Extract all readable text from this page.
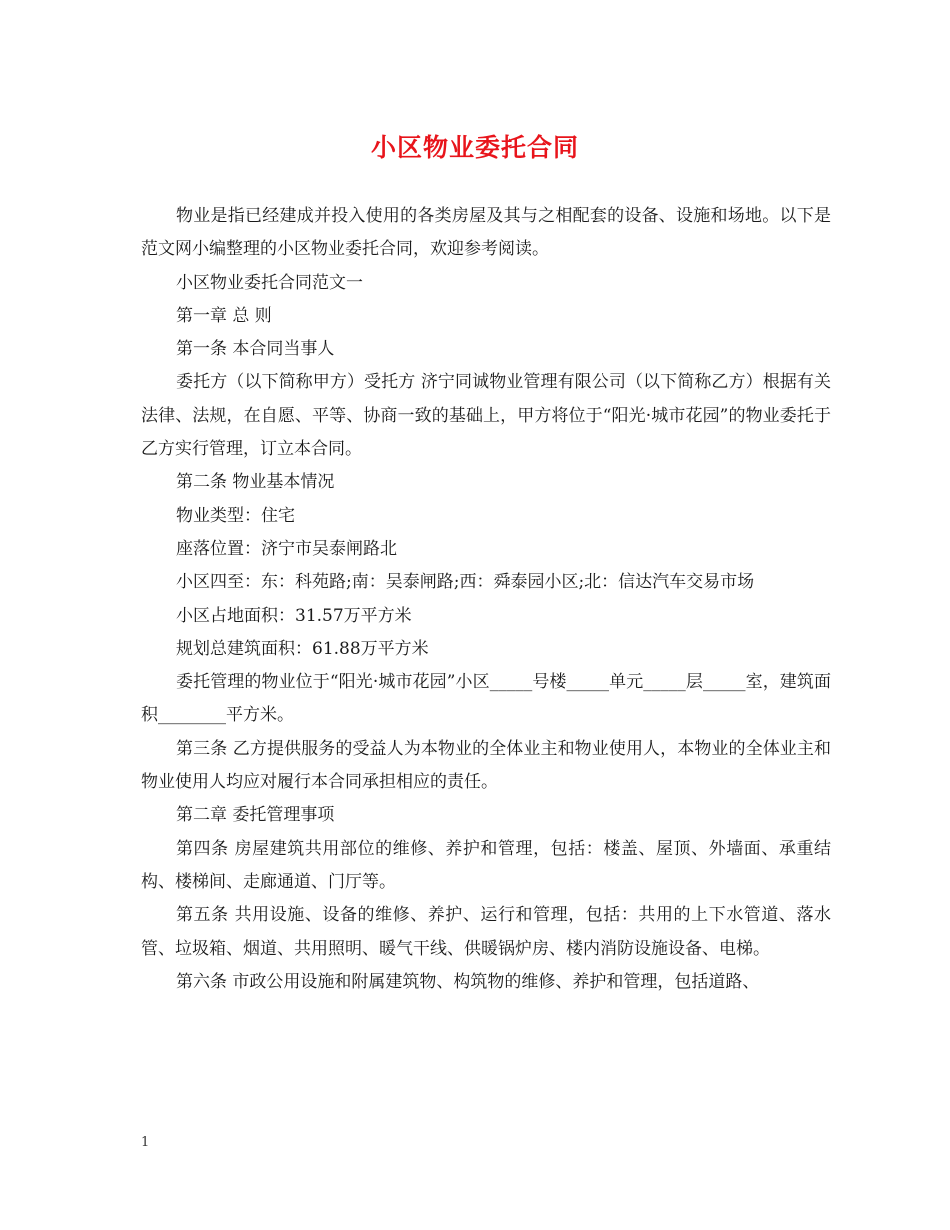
小区物业委托合同

物业是指已经建成并投入使用的各类房屋及其与之相配套的设备、设施和场地。以下是范文网小编整理的小区物业委托合同，欢迎参考阅读。

小区物业委托合同范文一

第一章 总 则

第一条 本合同当事人

委托方（以下简称甲方）受托方 济宁同诚物业管理有限公司（以下简称乙方）根据有关法律、法规，在自愿、平等、协商一致的基础上，甲方将位于“阳光·城市花园”的物业委托于乙方实行管理，订立本合同。

第二条 物业基本情况

物业类型：住宅

座落位置：济宁市吴泰闸路北

小区四至：东：科苑路;南：吴泰闸路;西：舜泰园小区;北：信达汽车交易市场

小区占地面积：31.57万平方米

规划总建筑面积：61.88万平方米

委托管理的物业位于“阳光·城市花园”小区_____号楼_____单元_____层_____室，建筑面积________平方米。

第三条 乙方提供服务的受益人为本物业的全体业主和物业使用人，本物业的全体业主和物业使用人均应对履行本合同承担相应的责任。

第二章 委托管理事项

第四条 房屋建筑共用部位的维修、养护和管理，包括：楼盖、屋顶、外墙面、承重结构、楼梯间、走廊通道、门厅等。

第五条 共用设施、设备的维修、养护、运行和管理，包括：共用的上下水管道、落水管、垃圾箱、烟道、共用照明、暖气干线、供暖锅炉房、楼内消防设施设备、电梯。

第六条 市政公用设施和附属建筑物、构筑物的维修、养护和管理，包括道路、

1
